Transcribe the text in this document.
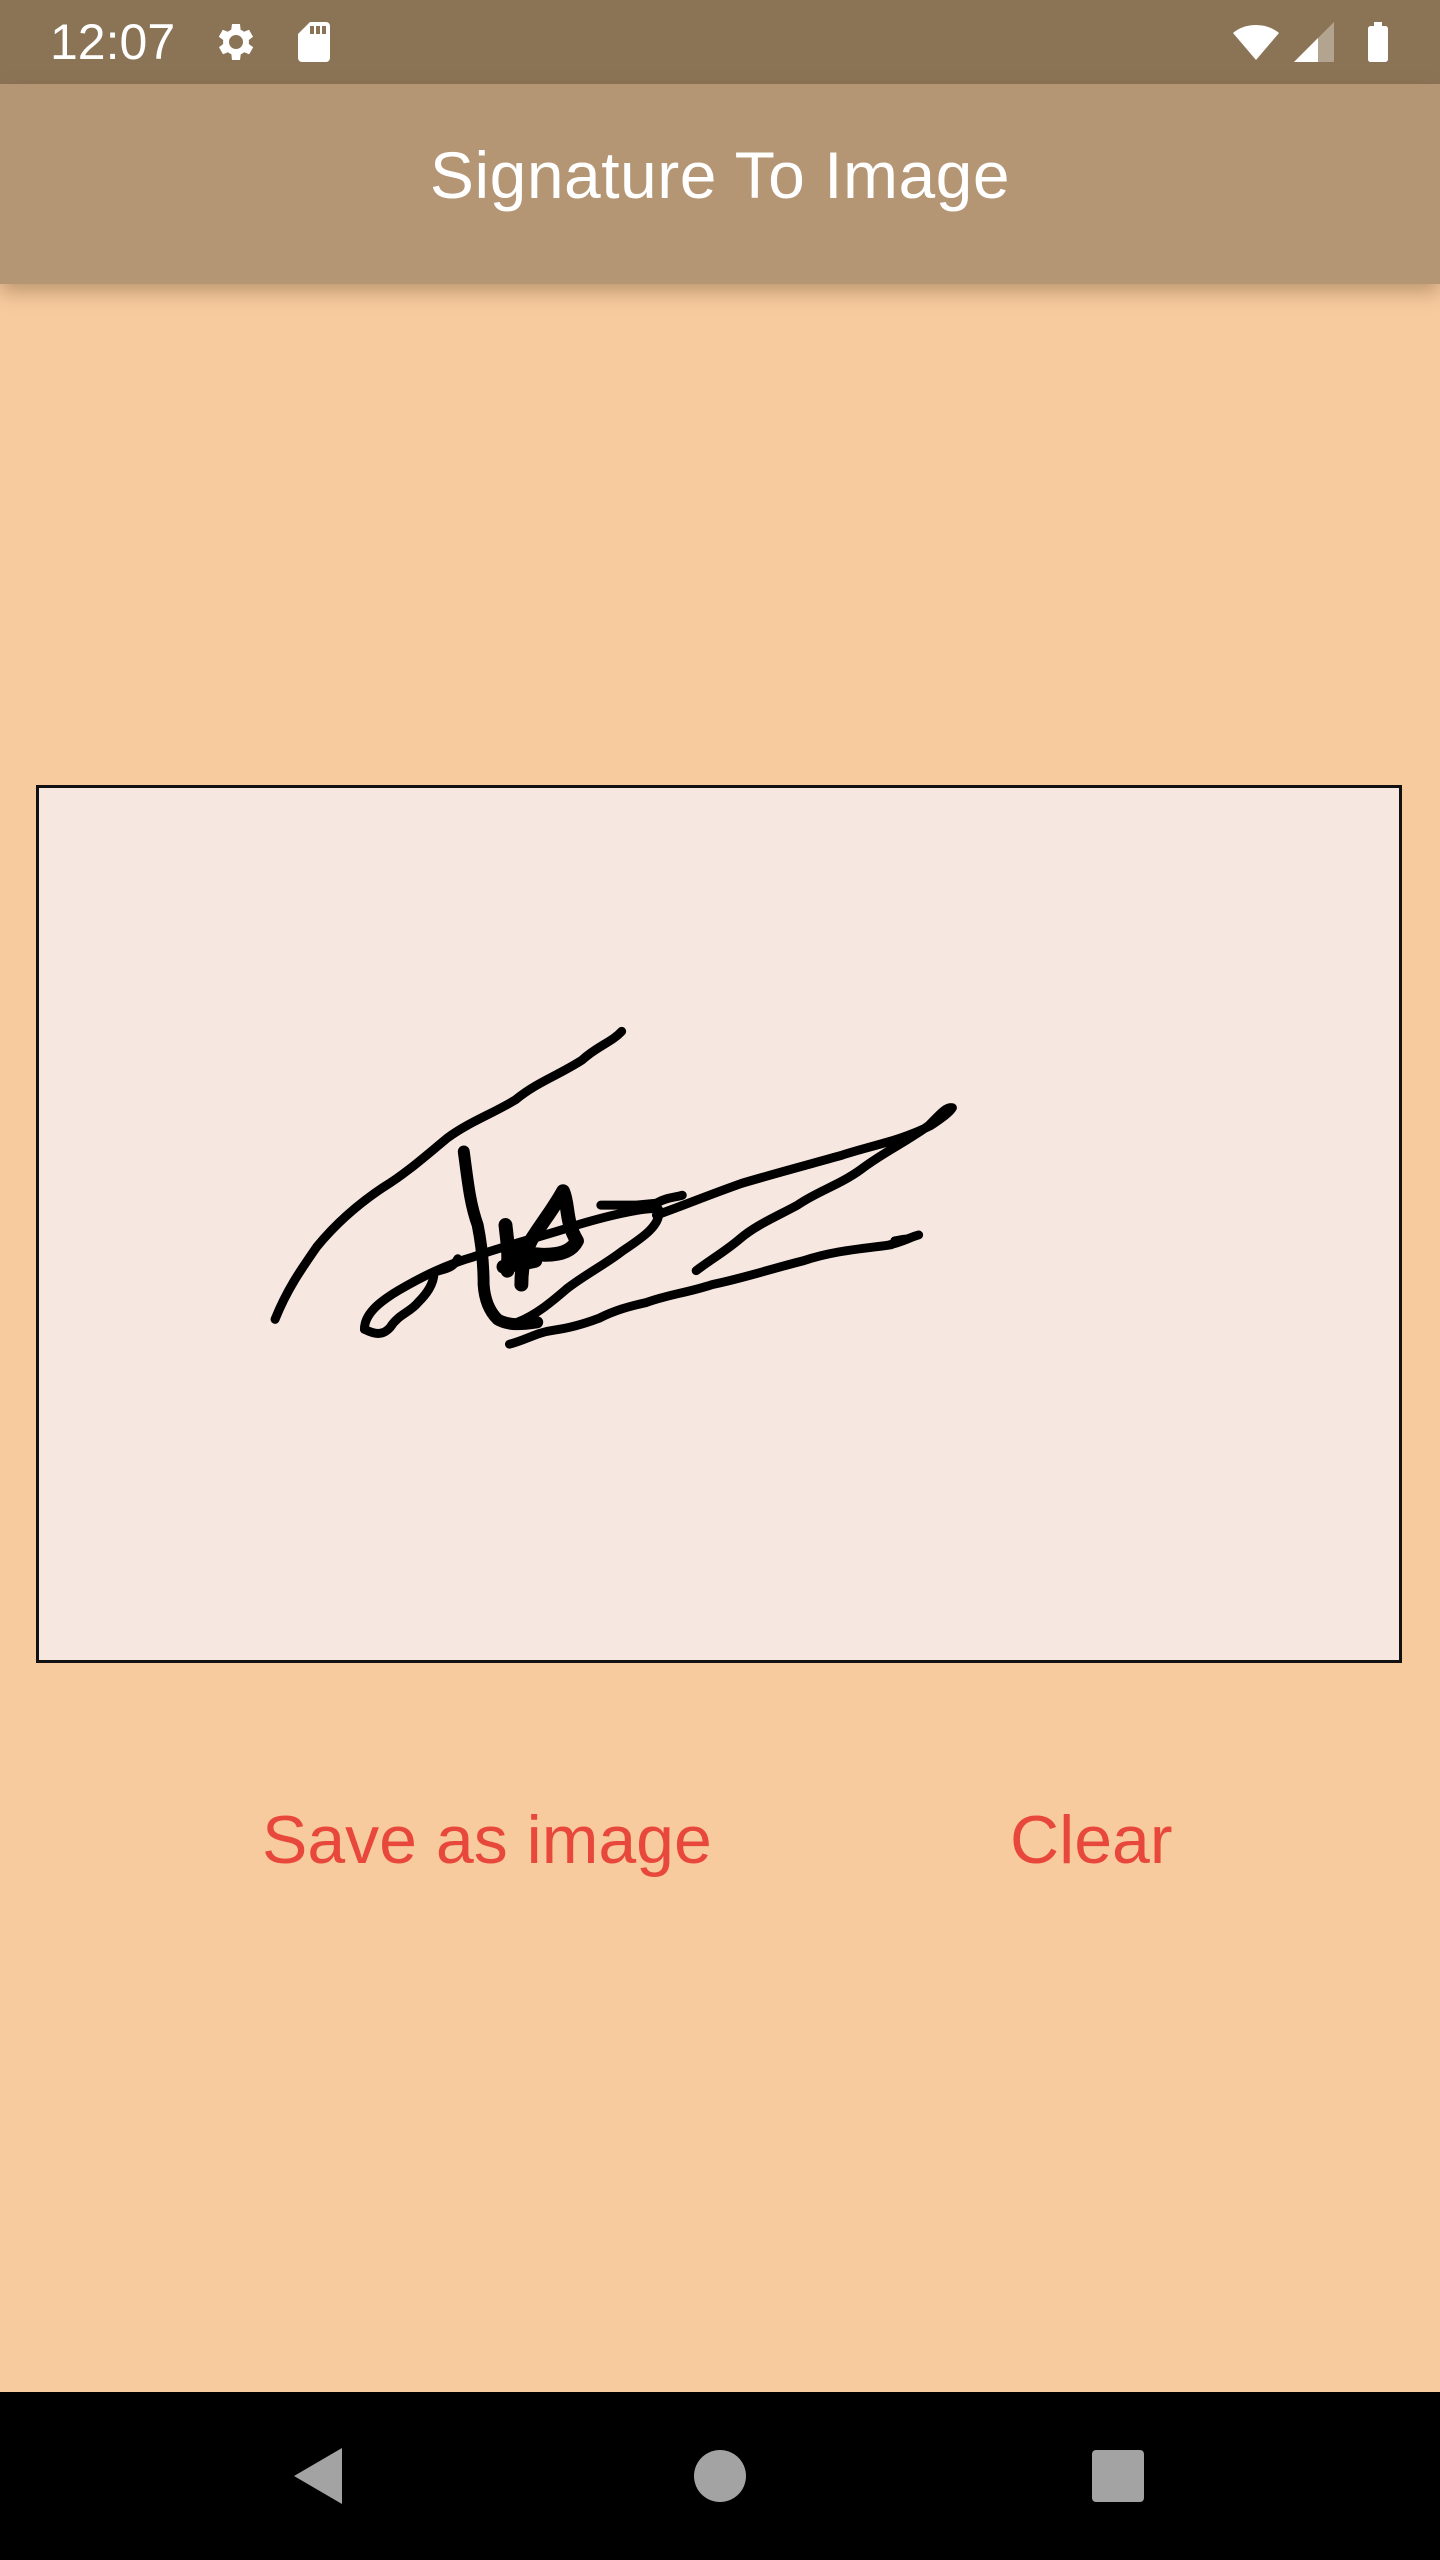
12:07
Signature To Image
Save as image	Clear
